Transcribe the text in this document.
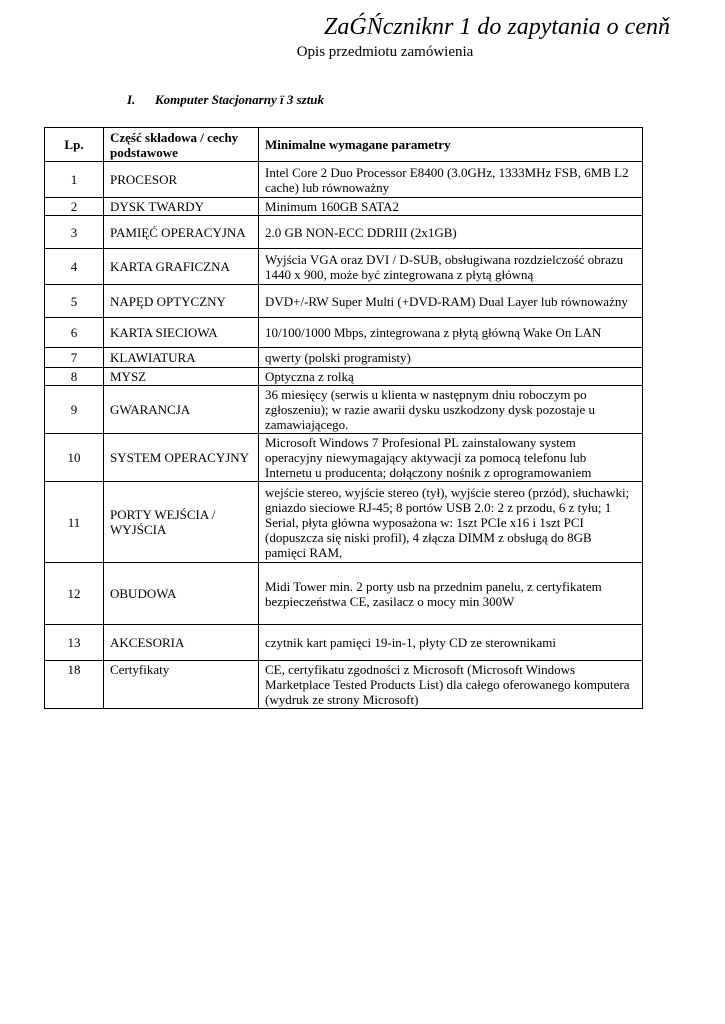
ZaǴŃczniknr 1 do zapytania o cenň
Opis przedmiotu zamówienia
I. Komputer Stacjonarny ї 3 sztuk
Lp.	Część składowa / cechy podstawowe	Minimalne wymagane parametry
1	PROCESOR	Intel Core 2 Duo Processor E8400 (3.0GHz, 1333MHz FSB, 6MB L2 cache) lub równoważny
2	DYSK TWARDY	Minimum 160GB SATA2
3	PAMIĘĆ OPERACYJNA	2.0 GB NON-ECC DDRIII (2x1GB)
4	KARTA GRAFICZNA	Wyjścia VGA oraz DVI / D-SUB, obsługiwana rozdzielczość obrazu 1440 x 900, może być zintegrowana z płytą główną
5	NAPĘD OPTYCZNY	DVD+/-RW Super Multi (+DVD-RAM) Dual Layer lub równoważny
6	KARTA SIECIOWA	10/100/1000 Mbps, zintegrowana z płytą główną Wake On LAN
7	KLAWIATURA	qwerty (polski programisty)
8	MYSZ	Optyczna z rolką
9	GWARANCJA	36 miesięcy (serwis u klienta w następnym dniu roboczym po zgłoszeniu); w razie awarii dysku uszkodzony dysk pozostaje u zamawiającego.
10	SYSTEM OPERACYJNY	Microsoft Windows 7 Profesional PL zainstalowany system operacyjny niewymagający aktywacji za pomocą telefonu lub Internetu u producenta; dołączony nośnik z oprogramowaniem
11	PORTY WEJŚCIA / WYJŚCIA	wejście stereo, wyjście stereo (tył), wyjście stereo (przód), słuchawki; gniazdo sieciowe RJ-45; 8 portów USB 2.0: 2 z przodu, 6 z tyłu; 1 Serial, płyta główna wyposażona w: 1szt PCIe x16 i 1szt PCI (dopuszcza się niski profil), 4 złącza DIMM z obsługą do 8GB pamięci RAM,
12	OBUDOWA	Midi Tower min. 2 porty usb na przednim panelu, z certyfikatem bezpieczeństwa CE, zasilacz o mocy min 300W
13	AKCESORIA	czytnik kart pamięci 19-in-1, płyty CD ze sterownikami
18	Certyfikaty	CE, certyfikatu zgodności z Microsoft (Microsoft Windows Marketplace Tested Products List) dla całego oferowanego komputera (wydruk ze strony Microsoft)
